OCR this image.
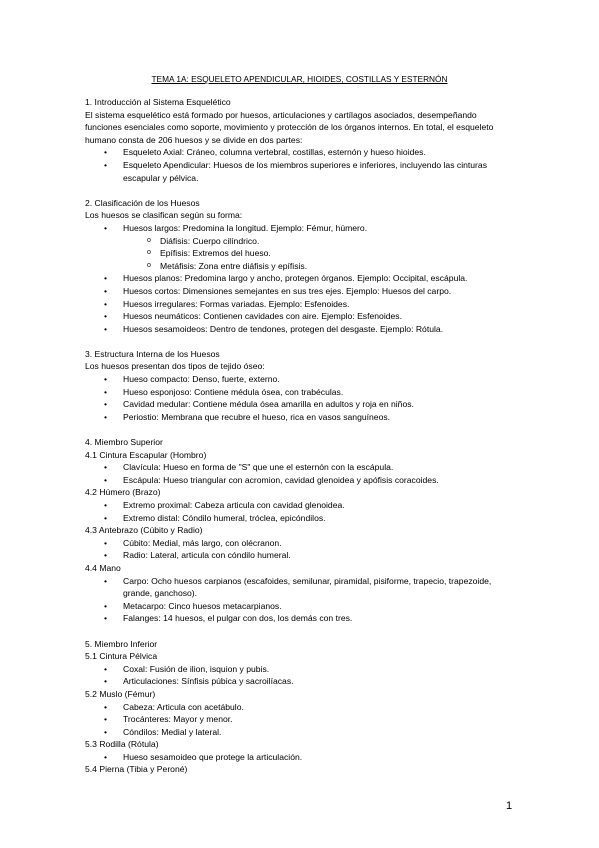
TEMA 1A: ESQUELETO APENDICULAR, HIOIDES, COSTILLAS Y ESTERNÓN
1. Introducción al Sistema Esquelético
El sistema esquelético está formado por huesos, articulaciones y cartílagos asociados, desempeñando funciones esenciales como soporte, movimiento y protección de los órganos internos. En total, el esqueleto humano consta de 206 huesos y se divide en dos partes:
• Esqueleto Axial: Cráneo, columna vertebral, costillas, esternón y hueso hioides.
• Esqueleto Apendicular: Huesos de los miembros superiores e inferiores, incluyendo las cinturas escapular y pélvica.
2. Clasificación de los Huesos
Los huesos se clasifican según su forma:
• Huesos largos: Predomina la longitud. Ejemplo: Fémur, húmero.
o Diáfisis: Cuerpo cilíndrico.
o Epífisis: Extremos del hueso.
o Metáfisis: Zona entre diáfisis y epífisis.
• Huesos planos: Predomina largo y ancho, protegen órganos. Ejemplo: Occipital, escápula.
• Huesos cortos: Dimensiones semejantes en sus tres ejes. Ejemplo: Huesos del carpo.
• Huesos irregulares: Formas variadas. Ejemplo: Esfenoides.
• Huesos neumáticos: Contienen cavidades con aire. Ejemplo: Esfenoides.
• Huesos sesamoideos: Dentro de tendones, protegen del desgaste. Ejemplo: Rótula.
3. Estructura Interna de los Huesos
Los huesos presentan dos tipos de tejido óseo:
• Hueso compacto: Denso, fuerte, externo.
• Hueso esponjoso: Contiene médula ósea, con trabéculas.
• Cavidad medular: Contiene médula ósea amarilla en adultos y roja en niños.
• Periostio: Membrana que recubre el hueso, rica en vasos sanguíneos.
4. Miembro Superior
4.1 Cintura Escapular (Hombro)
• Clavícula: Hueso en forma de "S" que une el esternón con la escápula.
• Escápula: Hueso triangular con acromion, cavidad glenoidea y apófisis coracoides.
4.2 Húmero (Brazo)
• Extremo proximal: Cabeza articula con cavidad glenoidea.
• Extremo distal: Cóndilo humeral, tróclea, epicóndilos.
4.3 Antebrazo (Cúbito y Radio)
• Cúbito: Medial, más largo, con olécranon.
• Radio: Lateral, articula con cóndilo humeral.
4.4 Mano
• Carpo: Ocho huesos carpianos (escafoides, semilunar, piramidal, pisiforme, trapecio, trapezoide, grande, ganchoso).
• Metacarpo: Cinco huesos metacarpianos.
• Falanges: 14 huesos, el pulgar con dos, los demás con tres.
5. Miembro Inferior
5.1 Cintura Pélvica
• Coxal: Fusión de ilion, isquion y pubis.
• Articulaciones: Sínfisis púbica y sacroilíacas.
5.2 Muslo (Fémur)
• Cabeza: Articula con acetábulo.
• Trocánteres: Mayor y menor.
• Cóndilos: Medial y lateral.
5.3 Rodilla (Rótula)
• Hueso sesamoideo que protege la articulación.
5.4 Pierna (Tibia y Peroné)
1
